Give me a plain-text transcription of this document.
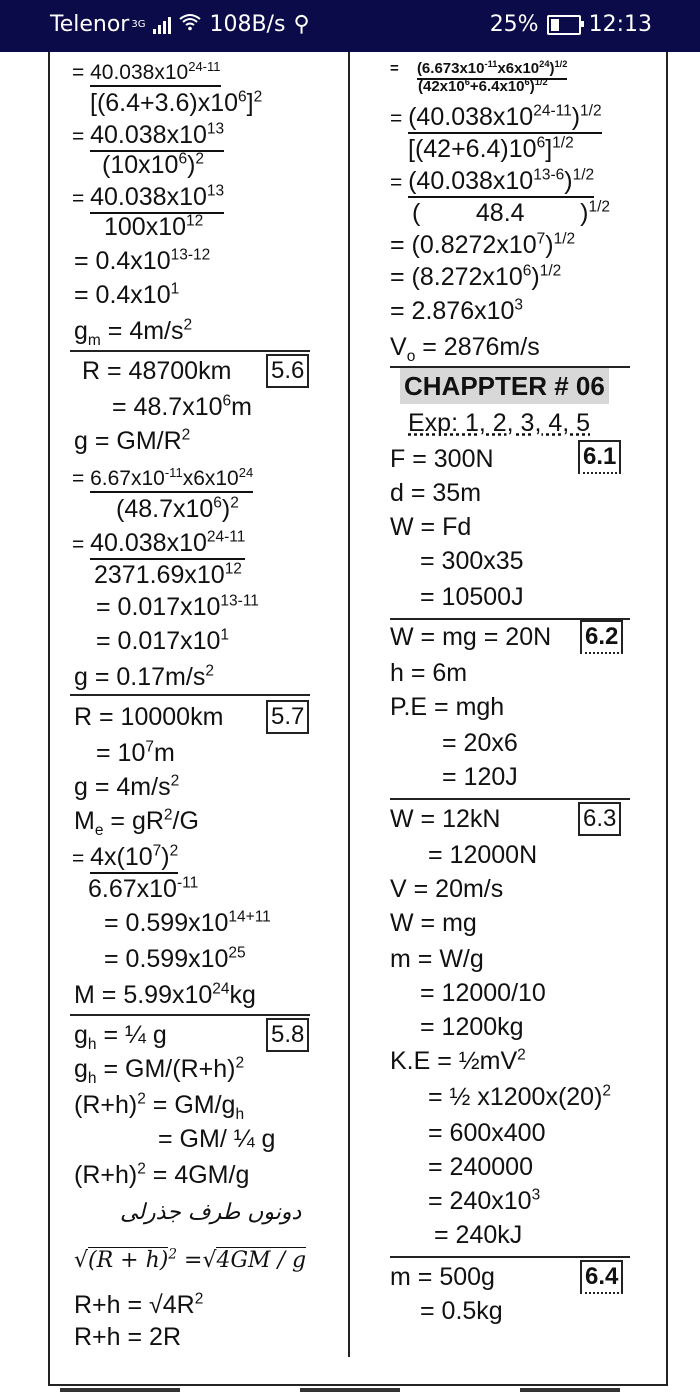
Telenor 3G	108B/s ⚲	25% 12:13
= $40.038x10^{24-11}$
$[(6.4+3.6)x10^6]^2$
= $40.038x10^{13}$
$(10x10^6)^2$
= $40.038x10^{13}$
$100x10^{12}$
= $0.4x10^{13-12}$
= $0.4x10^1$
$g_m = 4m/s^2$
R = 48700km 5.6
= $48.7x10^6m$
$g = GM/R^2$
= $6.67x10^{-11}x6x10^{24}$
$(48.7x10^6)^2$
= $40.038x10^{24-11}$
$2371.69x10^{12}$
= $0.017x10^{13-11}$
= $0.017x10^1$
$g = 0.17m/s^2$
R = 10000km 5.7
= $10^7m$
$g = 4m/s^2$
$M_e = gR^2/G$
= $4x(10^7)^2$
$6.67x10^{-11}$
= $0.599x10^{14+11}$
= $0.599x10^{25}$
$M = 5.99x10^{24}kg$
$g_h$ = ¼ g	5.8
$g_h = GM/(R+h)^2$
$(R+h)^2 = GM/g_h$
= GM/ ¼ g
$(R+h)^2 = 4GM/g$
دونوں طرف جذرلی
$√(R + h)^2 =√4GM / g$
$R+h = √4R^2$
R+h = 2R
= $(6.673x10^{-11}x6x10^{24})^{1/2}$
$(42x10^6+6.4x10^6)^{1/2}$
= $(40.038x10^{24-11})^{1/2}$
$[(42+6.4)10^6]^{1/2}$
= $(40.038x10^{13-6})^{1/2}$
(        48.4        )$^{1/2}$
= $(0.8272x10^7)^{1/2}$
= $(8.272x10^6)^{1/2}$
= $2.876x10^3$
$V_o = 2876m/s$
CHAPPTER # 06
Exp: 1, 2, 3, 4, 5
F = 300N	6.1
d = 35m
W = Fd
= 300x35
= 10500J
W = mg = 20N 6.2
h = 6m
P.E = mgh
= 20x6
= 120J
W = 12kN	6.3
= 12000N
V = 20m/s
W = mg
m = W/g
= 12000/10
= 1200kg
$K.E = \frac{1}{2}mV^2$
= ½ $x1200x(20)^2$
= 600x400
= 240000
= $240x10^3$
= 240kJ
m = 500g	6.4
= 0.5kg
